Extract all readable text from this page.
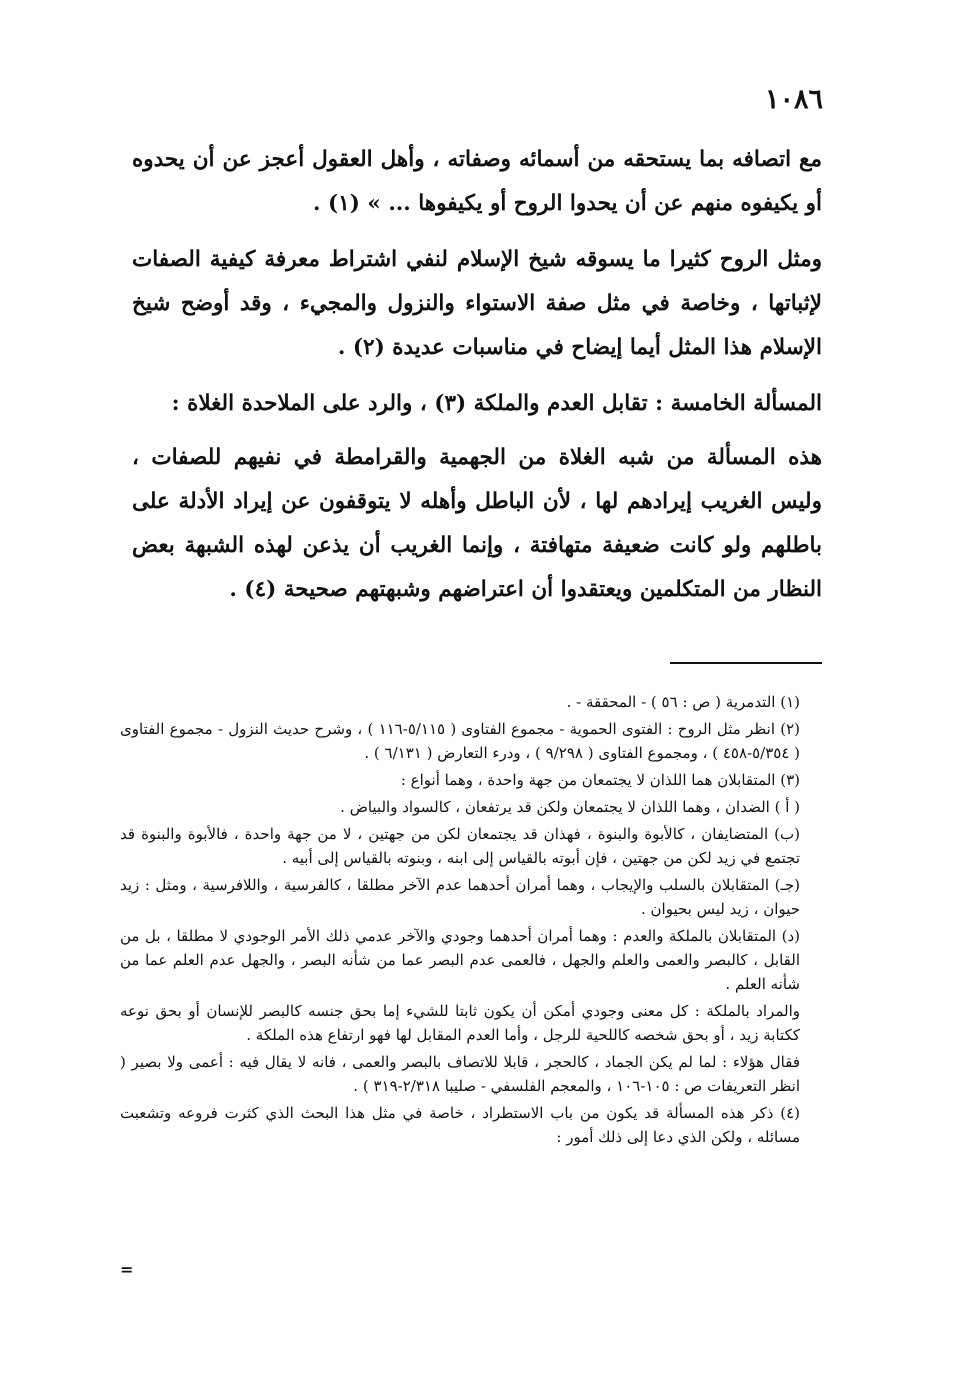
١٠٨٦

مع اتصافه بما يستحقه من أسمائه وصفاته ، وأهل العقول أعجز عن أن يحدوه أو يكيفوه منهم عن أن يحدوا الروح أو يكيفوها ... » (١) .

ومثل الروح كثيرا ما يسوقه شيخ الإسلام لنفي اشتراط معرفة كيفية الصفات لإثباتها ، وخاصة في مثل صفة الاستواء والنزول والمجيء ، وقد أوضح شيخ الإسلام هذا المثل أيما إيضاح في مناسبات عديدة (٢) .

المسألة الخامسة : تقابل العدم والملكة (٣) ، والرد على الملاحدة الغلاة :

هذه المسألة من شبه الغلاة من الجهمية والقرامطة في نفيهم للصفات ، وليس الغريب إيرادهم لها ، لأن الباطل وأهله لا يتوقفون عن إيراد الأدلة على باطلهم ولو كانت ضعيفة متهافتة ، وإنما الغريب أن يذعن لهذه الشبهة بعض النظار من المتكلمين ويعتقدوا أن اعتراضهم وشبهتهم صحيحة (٤) .

(١) التدمرية ( ص : ٥٦ ) - المحققة - .

(٢) انظر مثل الروح : الفتوى الحموية - مجموع الفتاوى ( ٥/١١٥-١١٦ ) ، وشرح حديث النزول - مجموع الفتاوى ( ٥/٣٥٤-٤٥٨ ) ، ومجموع الفتاوى ( ٩/٢٩٨ ) ، ودرء التعارض ( ٦/١٣١ ) .

(٣) المتقابلان هما اللذان لا يجتمعان من جهة واحدة ، وهما أنواع :

( أ ) الضدان ، وهما اللذان لا يجتمعان ولكن قد يرتفعان ، كالسواد والبياض .

(ب) المتضايفان ، كالأبوة والبنوة ، فهذان قد يجتمعان لكن من جهتين ، لا من جهة واحدة ، فالأبوة والبنوة قد تجتمع في زيد لكن من جهتين ، فإن أبوته بالقياس إلى ابنه ، وبنوته بالقياس إلى أبيه .

(جـ) المتقابلان بالسلب والإيجاب ، وهما أمران أحدهما عدم الآخر مطلقا ، كالفرسية ، واللافرسية ، ومثل : زيد حيوان ، زيد ليس بحيوان .

(د) المتقابلان بالملكة والعدم : وهما أمران أحدهما وجودي والآخر عدمي ذلك الأمر الوجودي لا مطلقا ، بل من القابل ، كالبصر والعمى والعلم والجهل ، فالعمى عدم البصر عما من شأنه البصر ، والجهل عدم العلم عما من شأنه العلم .

والمراد بالملكة : كل معنى وجودي أمكن أن يكون ثابتا للشيء إما بحق جنسه كالبصر للإنسان أو بحق نوعه ككتابة زيد ، أو بحق شخصه كاللحية للرجل ، وأما العدم المقابل لها فهو ارتفاع هذه الملكة .

فقال هؤلاء : لما لم يكن الجماد ، كالحجر ، قابلا للاتصاف بالبصر والعمى ، فانه لا يقال فيه : أعمى ولا بصير ( انظر التعريفات ص : ١٠٥-١٠٦ ، والمعجم الفلسفي - صليبا ٢/٣١٨-٣١٩ ) .

(٤) ذكر هذه المسألة قد يكون من باب الاستطراد ، خاصة في مثل هذا البحث الذي كثرت فروعه وتشعبت مسائله ، ولكن الذي دعا إلى ذلك أمور :

=
